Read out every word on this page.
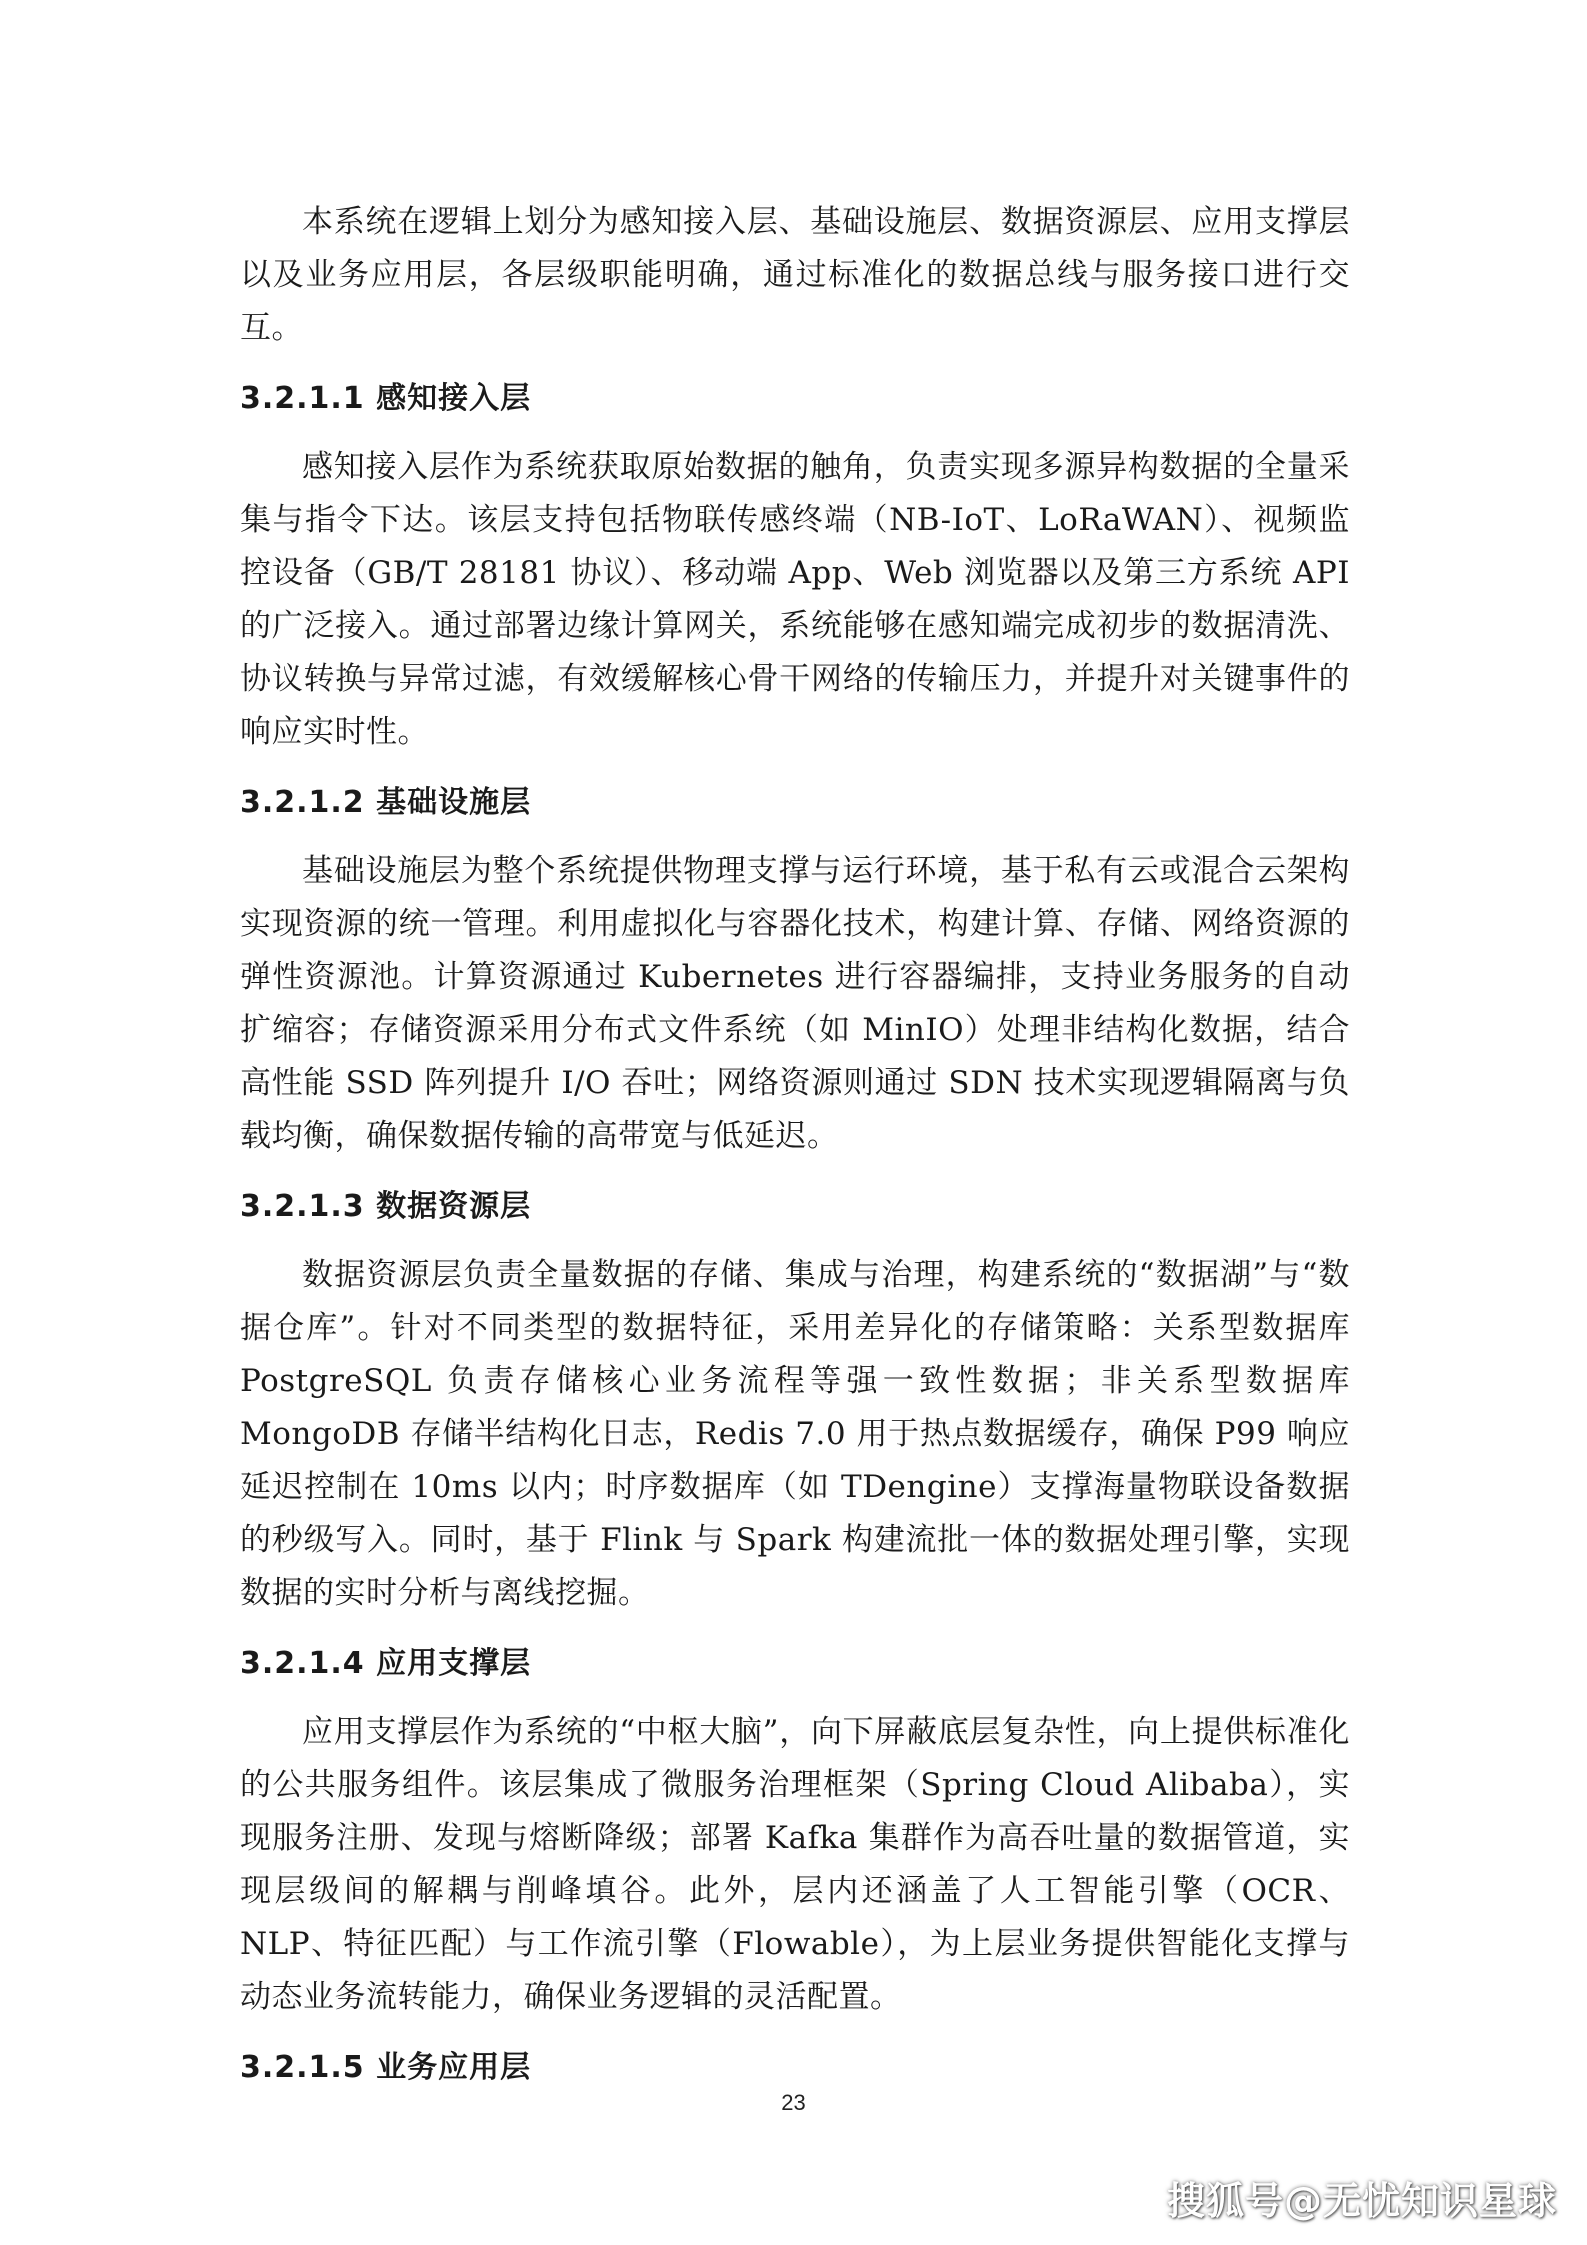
本系统在逻辑上划分为感知接入层、基础设施层、数据资源层、应用支撑层以及业务应用层，各层级职能明确，通过标准化的数据总线与服务接口进行交互。

3.2.1.1 感知接入层

感知接入层作为系统获取原始数据的触角，负责实现多源异构数据的全量采集与指令下达。该层支持包括物联传感终端（NB-IoT、LoRaWAN）、视频监控设备（GB/T 28181 协议）、移动端 App、Web 浏览器以及第三方系统 API 的广泛接入。通过部署边缘计算网关，系统能够在感知端完成初步的数据清洗、协议转换与异常过滤，有效缓解核心骨干网络的传输压力，并提升对关键事件的响应实时性。

3.2.1.2 基础设施层

基础设施层为整个系统提供物理支撑与运行环境，基于私有云或混合云架构实现资源的统一管理。利用虚拟化与容器化技术，构建计算、存储、网络资源的弹性资源池。计算资源通过 Kubernetes 进行容器编排，支持业务服务的自动扩缩容；存储资源采用分布式文件系统（如 MinIO）处理非结构化数据，结合高性能 SSD 阵列提升 I/O 吞吐；网络资源则通过 SDN 技术实现逻辑隔离与负载均衡，确保数据传输的高带宽与低延迟。

3.2.1.3 数据资源层

数据资源层负责全量数据的存储、集成与治理，构建系统的“数据湖”与“数据仓库”。针对不同类型的数据特征，采用差异化的存储策略：关系型数据库 PostgreSQL 负责存储核心业务流程等强一致性数据；非关系型数据库 MongoDB 存储半结构化日志，Redis 7.0 用于热点数据缓存，确保 P99 响应延迟控制在 10ms 以内；时序数据库（如 TDengine）支撑海量物联设备数据的秒级写入。同时，基于 Flink 与 Spark 构建流批一体的数据处理引擎，实现数据的实时分析与离线挖掘。

3.2.1.4 应用支撑层

应用支撑层作为系统的“中枢大脑”，向下屏蔽底层复杂性，向上提供标准化的公共服务组件。该层集成了微服务治理框架（Spring Cloud Alibaba），实现服务注册、发现与熔断降级；部署 Kafka 集群作为高吞吐量的数据管道，实现层级间的解耦与削峰填谷。此外，层内还涵盖了人工智能引擎（OCR、NLP、特征匹配）与工作流引擎（Flowable），为上层业务提供智能化支撑与动态业务流转能力，确保业务逻辑的灵活配置。

3.2.1.5 业务应用层
23
搜狐号@无忧知识星球
